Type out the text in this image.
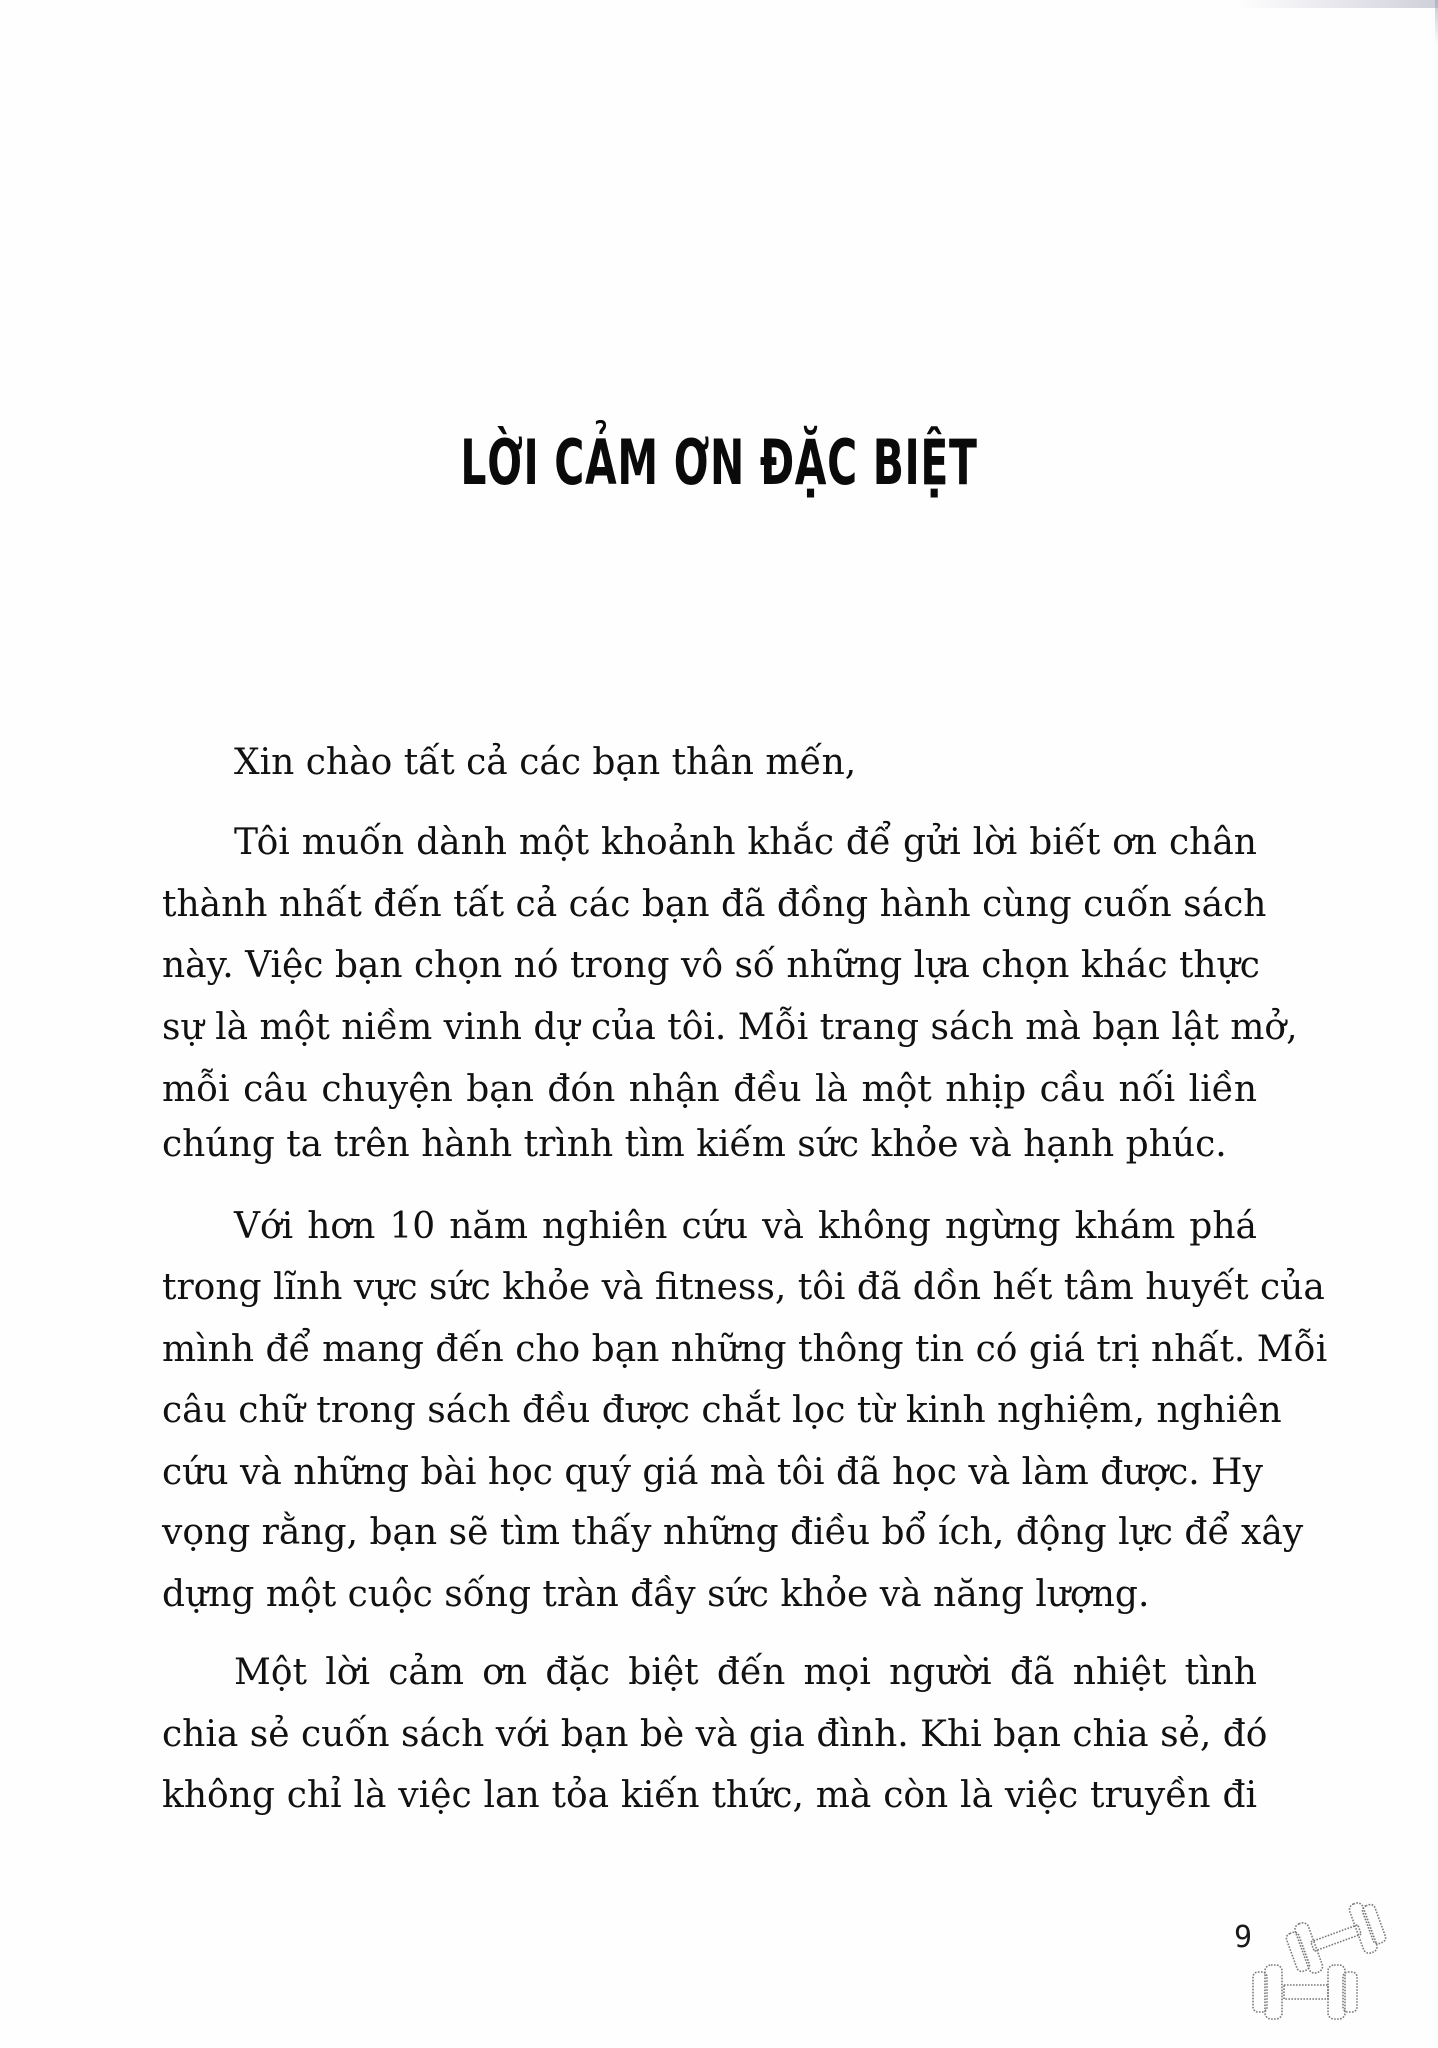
LỜI CẢM ƠN ĐẶC BIỆT
Xin chào tất cả các bạn thân mến,
Tôi muốn dành một khoảnh khắc để gửi lời biết ơn chân
thành nhất đến tất cả các bạn đã đồng hành cùng cuốn sách
này. Việc bạn chọn nó trong vô số những lựa chọn khác thực
sự là một niềm vinh dự của tôi. Mỗi trang sách mà bạn lật mở,
mỗi câu chuyện bạn đón nhận đều là một nhịp cầu nối liền
chúng ta trên hành trình tìm kiếm sức khỏe và hạnh phúc.
Với hơn 10 năm nghiên cứu và không ngừng khám phá
trong lĩnh vực sức khỏe và fitness, tôi đã dồn hết tâm huyết của
mình để mang đến cho bạn những thông tin có giá trị nhất. Mỗi
câu chữ trong sách đều được chắt lọc từ kinh nghiệm, nghiên
cứu và những bài học quý giá mà tôi đã học và làm được. Hy
vọng rằng, bạn sẽ tìm thấy những điều bổ ích, động lực để xây
dựng một cuộc sống tràn đầy sức khỏe và năng lượng.
Một lời cảm ơn đặc biệt đến mọi người đã nhiệt tình
chia sẻ cuốn sách với bạn bè và gia đình. Khi bạn chia sẻ, đó
không chỉ là việc lan tỏa kiến thức, mà còn là việc truyền đi
9
